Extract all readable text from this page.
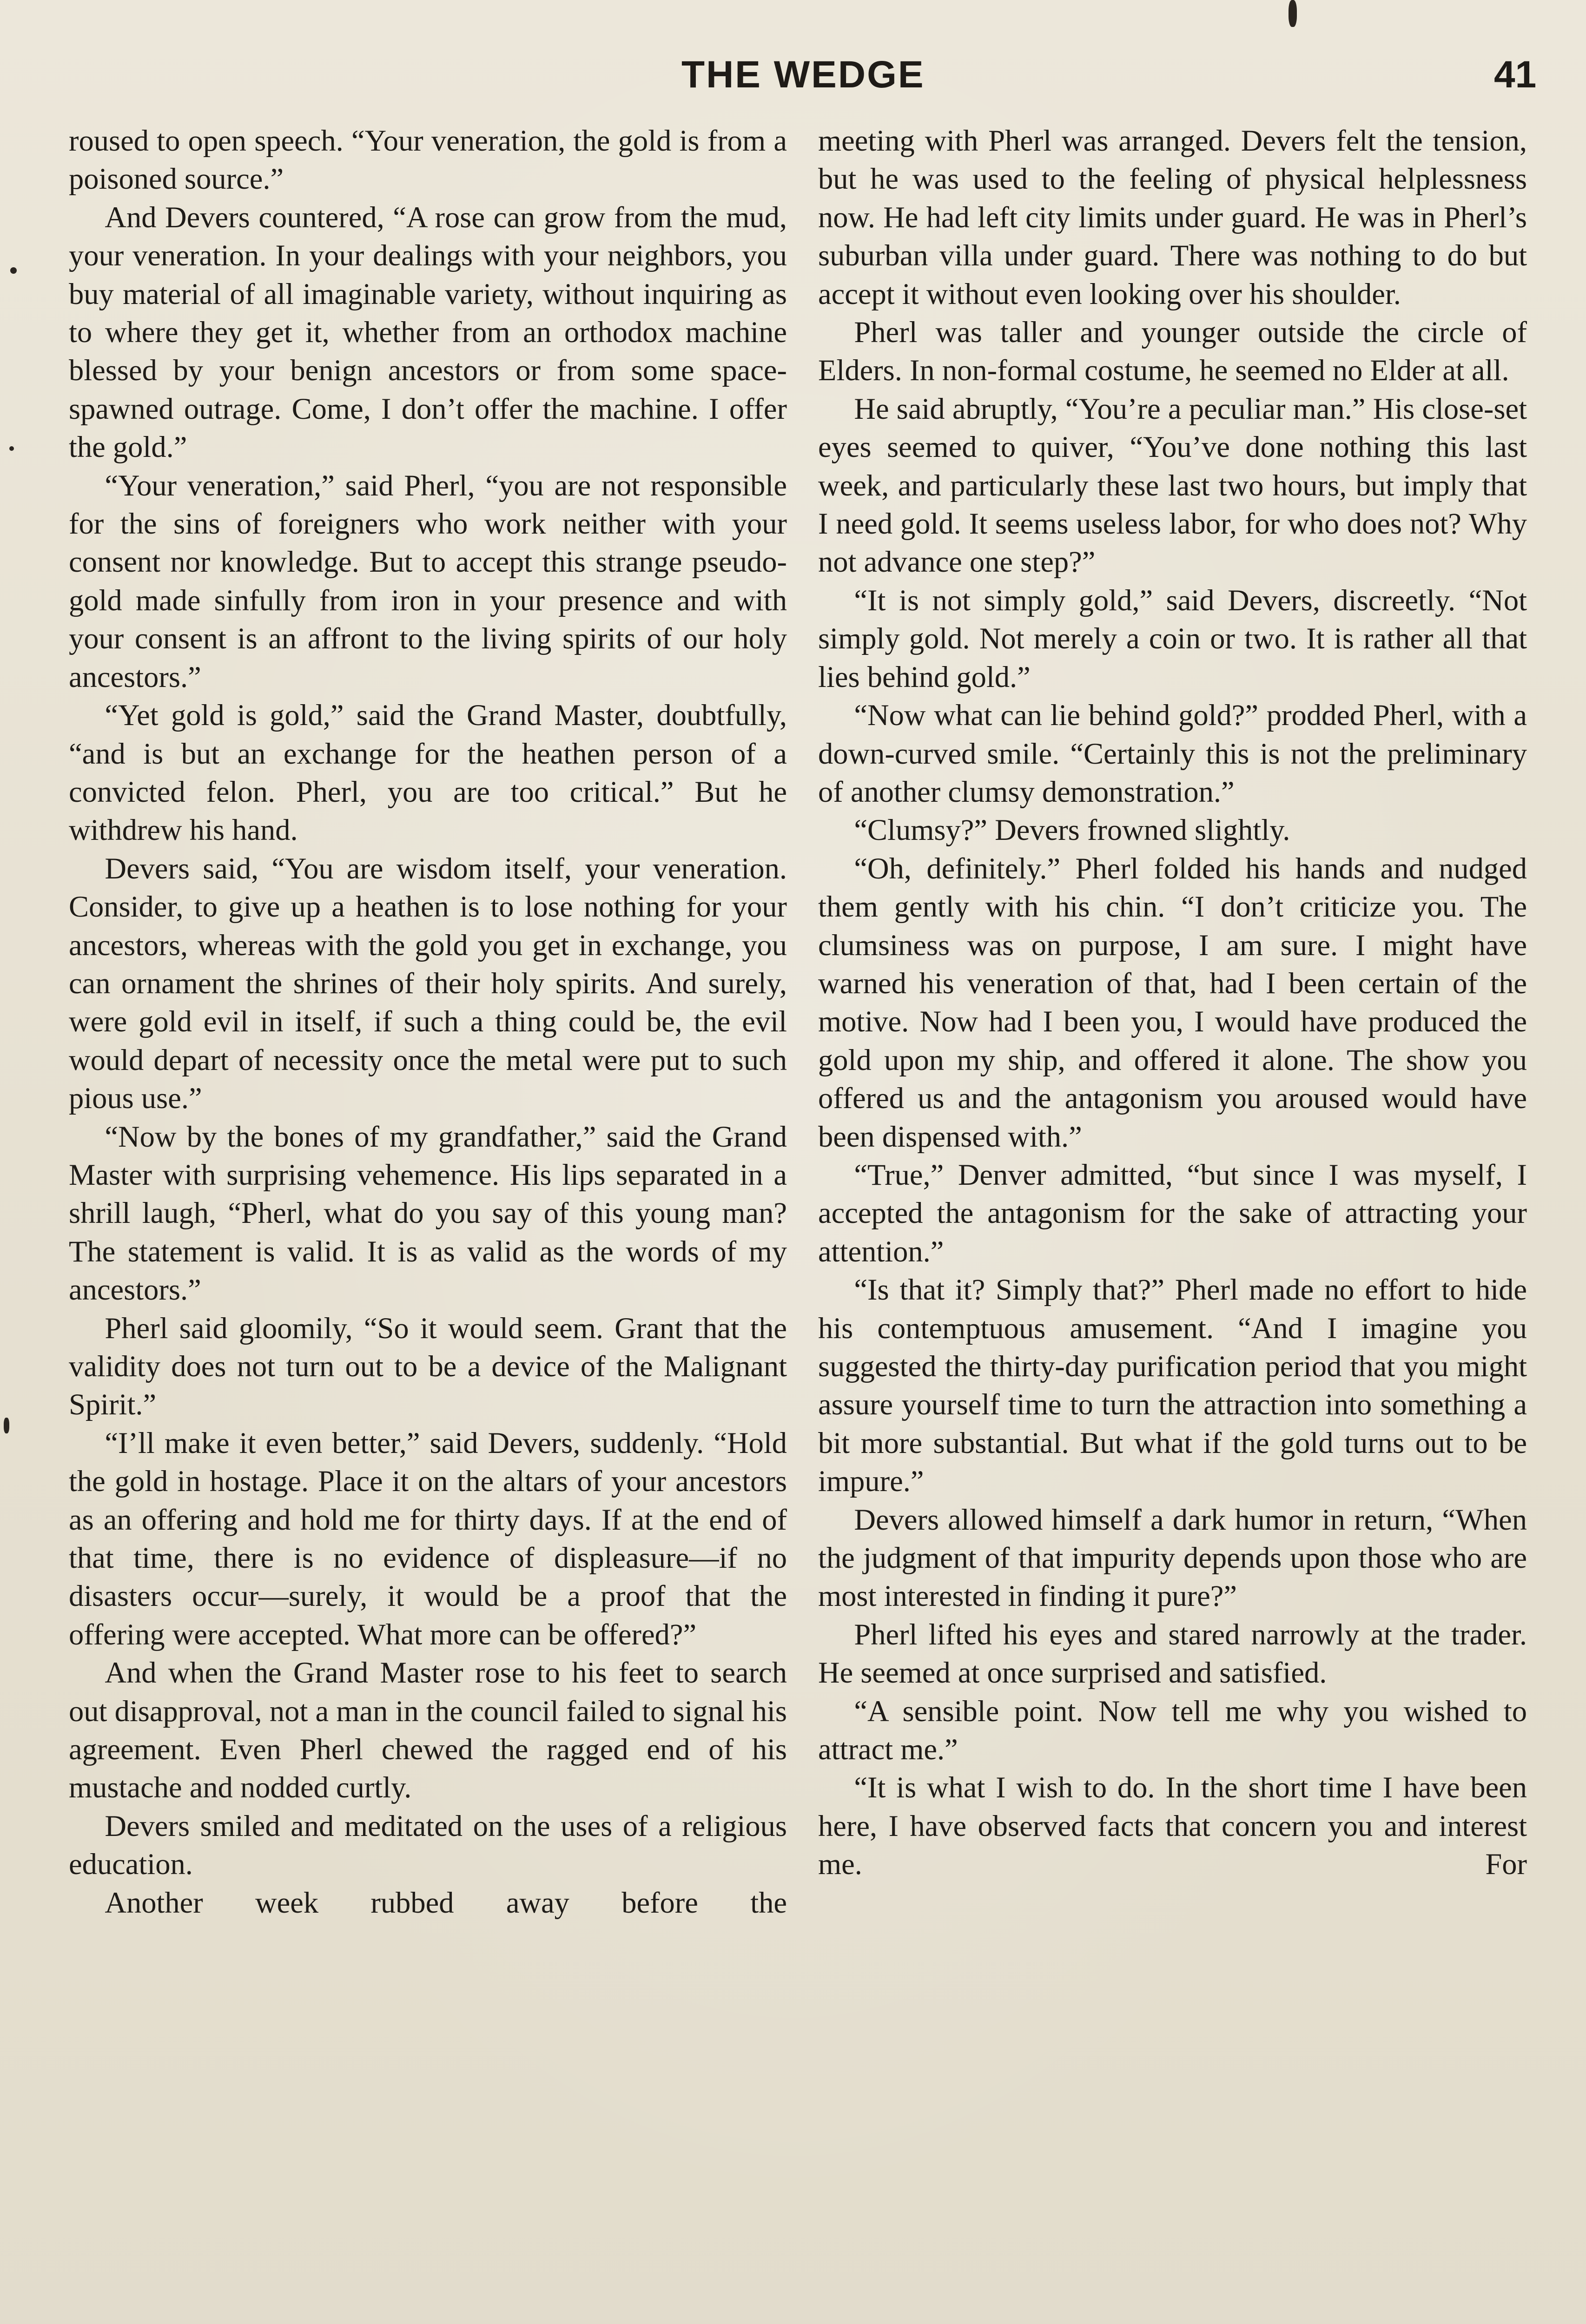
THE WEDGE	41

roused to open speech. “Your veneration, the gold is from a poisoned source.”

And Devers countered, “A rose can grow from the mud, your veneration. In your dealings with your neighbors, you buy material of all imaginable variety, without inquiring as to where they get it, whether from an orthodox machine blessed by your benign ancestors or from some space-spawned outrage. Come, I don’t offer the machine. I offer the gold.”

“Your veneration,” said Pherl, “you are not responsible for the sins of foreigners who work neither with your consent nor knowledge. But to accept this strange pseudo-gold made sinfully from iron in your presence and with your consent is an affront to the living spirits of our holy ancestors.”

“Yet gold is gold,” said the Grand Master, doubtfully, “and is but an exchange for the heathen person of a convicted felon. Pherl, you are too critical.” But he withdrew his hand.

Devers said, “You are wisdom itself, your veneration. Consider, to give up a heathen is to lose nothing for your ancestors, whereas with the gold you get in exchange, you can ornament the shrines of their holy spirits. And surely, were gold evil in itself, if such a thing could be, the evil would depart of necessity once the metal were put to such pious use.”

“Now by the bones of my grandfather,” said the Grand Master with surprising vehemence. His lips separated in a shrill laugh, “Pherl, what do you say of this young man? The statement is valid. It is as valid as the words of my ancestors.”

Pherl said gloomily, “So it would seem. Grant that the validity does not turn out to be a device of the Malignant Spirit.”

“I’ll make it even better,” said Devers, suddenly. “Hold the gold in hostage. Place it on the altars of your ancestors as an offering and hold me for thirty days. If at the end of that time, there is no evidence of displeasure—if no disasters occur—surely, it would be a proof that the offering were accepted. What more can be offered?”

And when the Grand Master rose to his feet to search out disapproval, not a man in the council failed to signal his agreement. Even Pherl chewed the ragged end of his mustache and nodded curtly.

Devers smiled and meditated on the uses of a religious education.

Another week rubbed away before the

meeting with Pherl was arranged. Devers felt the tension, but he was used to the feeling of physical helplessness now. He had left city limits under guard. He was in Pherl’s suburban villa under guard. There was nothing to do but accept it without even looking over his shoulder.

Pherl was taller and younger outside the circle of Elders. In non-formal costume, he seemed no Elder at all.

He said abruptly, “You’re a peculiar man.” His close-set eyes seemed to quiver, “You’ve done nothing this last week, and particularly these last two hours, but imply that I need gold. It seems useless labor, for who does not? Why not advance one step?”

“It is not simply gold,” said Devers, discreetly. “Not simply gold. Not merely a coin or two. It is rather all that lies behind gold.”

“Now what can lie behind gold?” prodded Pherl, with a down-curved smile. “Certainly this is not the preliminary of another clumsy demonstration.”

“Clumsy?” Devers frowned slightly.

“Oh, definitely.” Pherl folded his hands and nudged them gently with his chin. “I don’t criticize you. The clumsiness was on purpose, I am sure. I might have warned his veneration of that, had I been certain of the motive. Now had I been you, I would have produced the gold upon my ship, and offered it alone. The show you offered us and the antagonism you aroused would have been dispensed with.”

“True,” Denver admitted, “but since I was myself, I accepted the antagonism for the sake of attracting your attention.”

“Is that it? Simply that?” Pherl made no effort to hide his contemptuous amusement. “And I imagine you suggested the thirty-day purification period that you might assure yourself time to turn the attraction into something a bit more substantial. But what if the gold turns out to be impure.”

Devers allowed himself a dark humor in return, “When the judgment of that impurity depends upon those who are most interested in finding it pure?”

Pherl lifted his eyes and stared narrowly at the trader. He seemed at once surprised and satisfied.

“A sensible point. Now tell me why you wished to attract me.”

“It is what I wish to do. In the short time I have been here, I have observed facts that concern you and interest me. For
